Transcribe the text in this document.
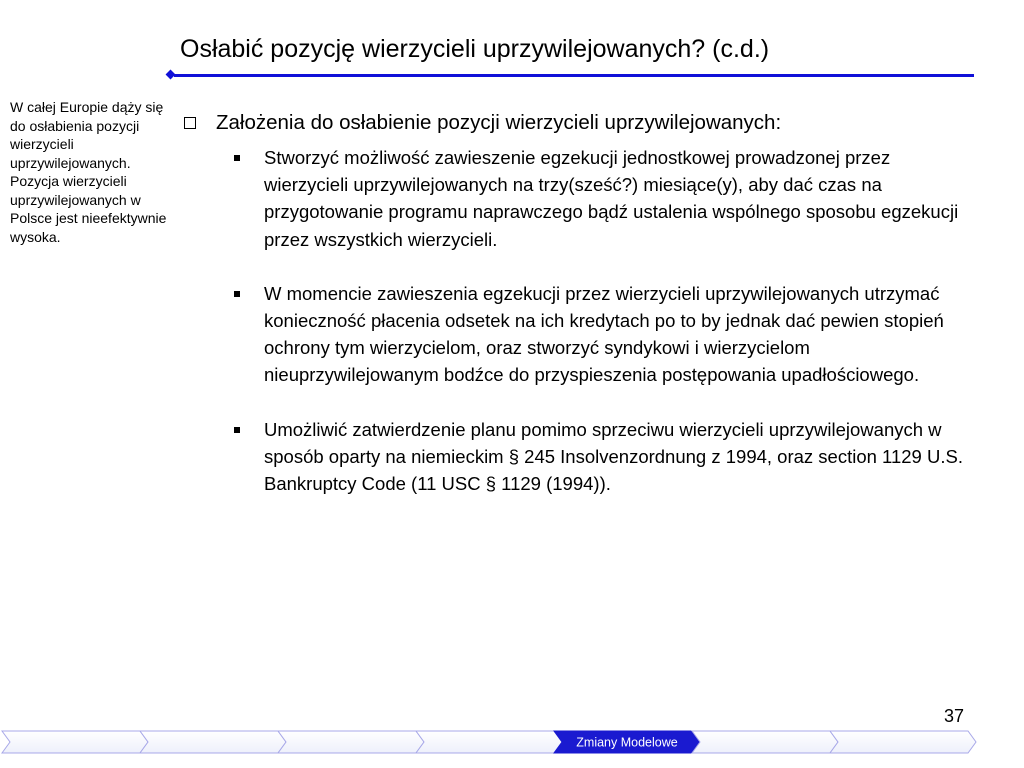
Osłabić pozycję wierzycieli uprzywilejowanych? (c.d.)
W całej Europie dąży się do osłabienia pozycji wierzycieli uprzywilejowanych. Pozycja wierzycieli uprzywilejowanych w Polsce jest nieefektywnie wysoka.
Założenia do osłabienie pozycji wierzycieli uprzywilejowanych:
Stworzyć możliwość zawieszenie egzekucji jednostkowej prowadzonej przez wierzycieli uprzywilejowanych na trzy(sześć?) miesiące(y), aby dać czas na przygotowanie programu naprawczego bądź ustalenia wspólnego sposobu egzekucji przez wszystkich wierzycieli.
W momencie zawieszenia egzekucji przez wierzycieli uprzywilejowanych utrzymać konieczność płacenia odsetek na ich kredytach po to by jednak dać pewien stopień ochrony tym wierzycielom, oraz stworzyć syndykowi i wierzycielom nieuprzywilejowanym bodźce do przyspieszenia postępowania upadłościowego.
Umożliwić zatwierdzenie planu pomimo sprzeciwu wierzycieli uprzywilejowanych w sposób oparty na niemieckim § 245 Insolvenzordnung z 1994, oraz section 1129 U.S. Bankruptcy Code (11 USC § 1129 (1994)).
37
Zmiany Modelowe
